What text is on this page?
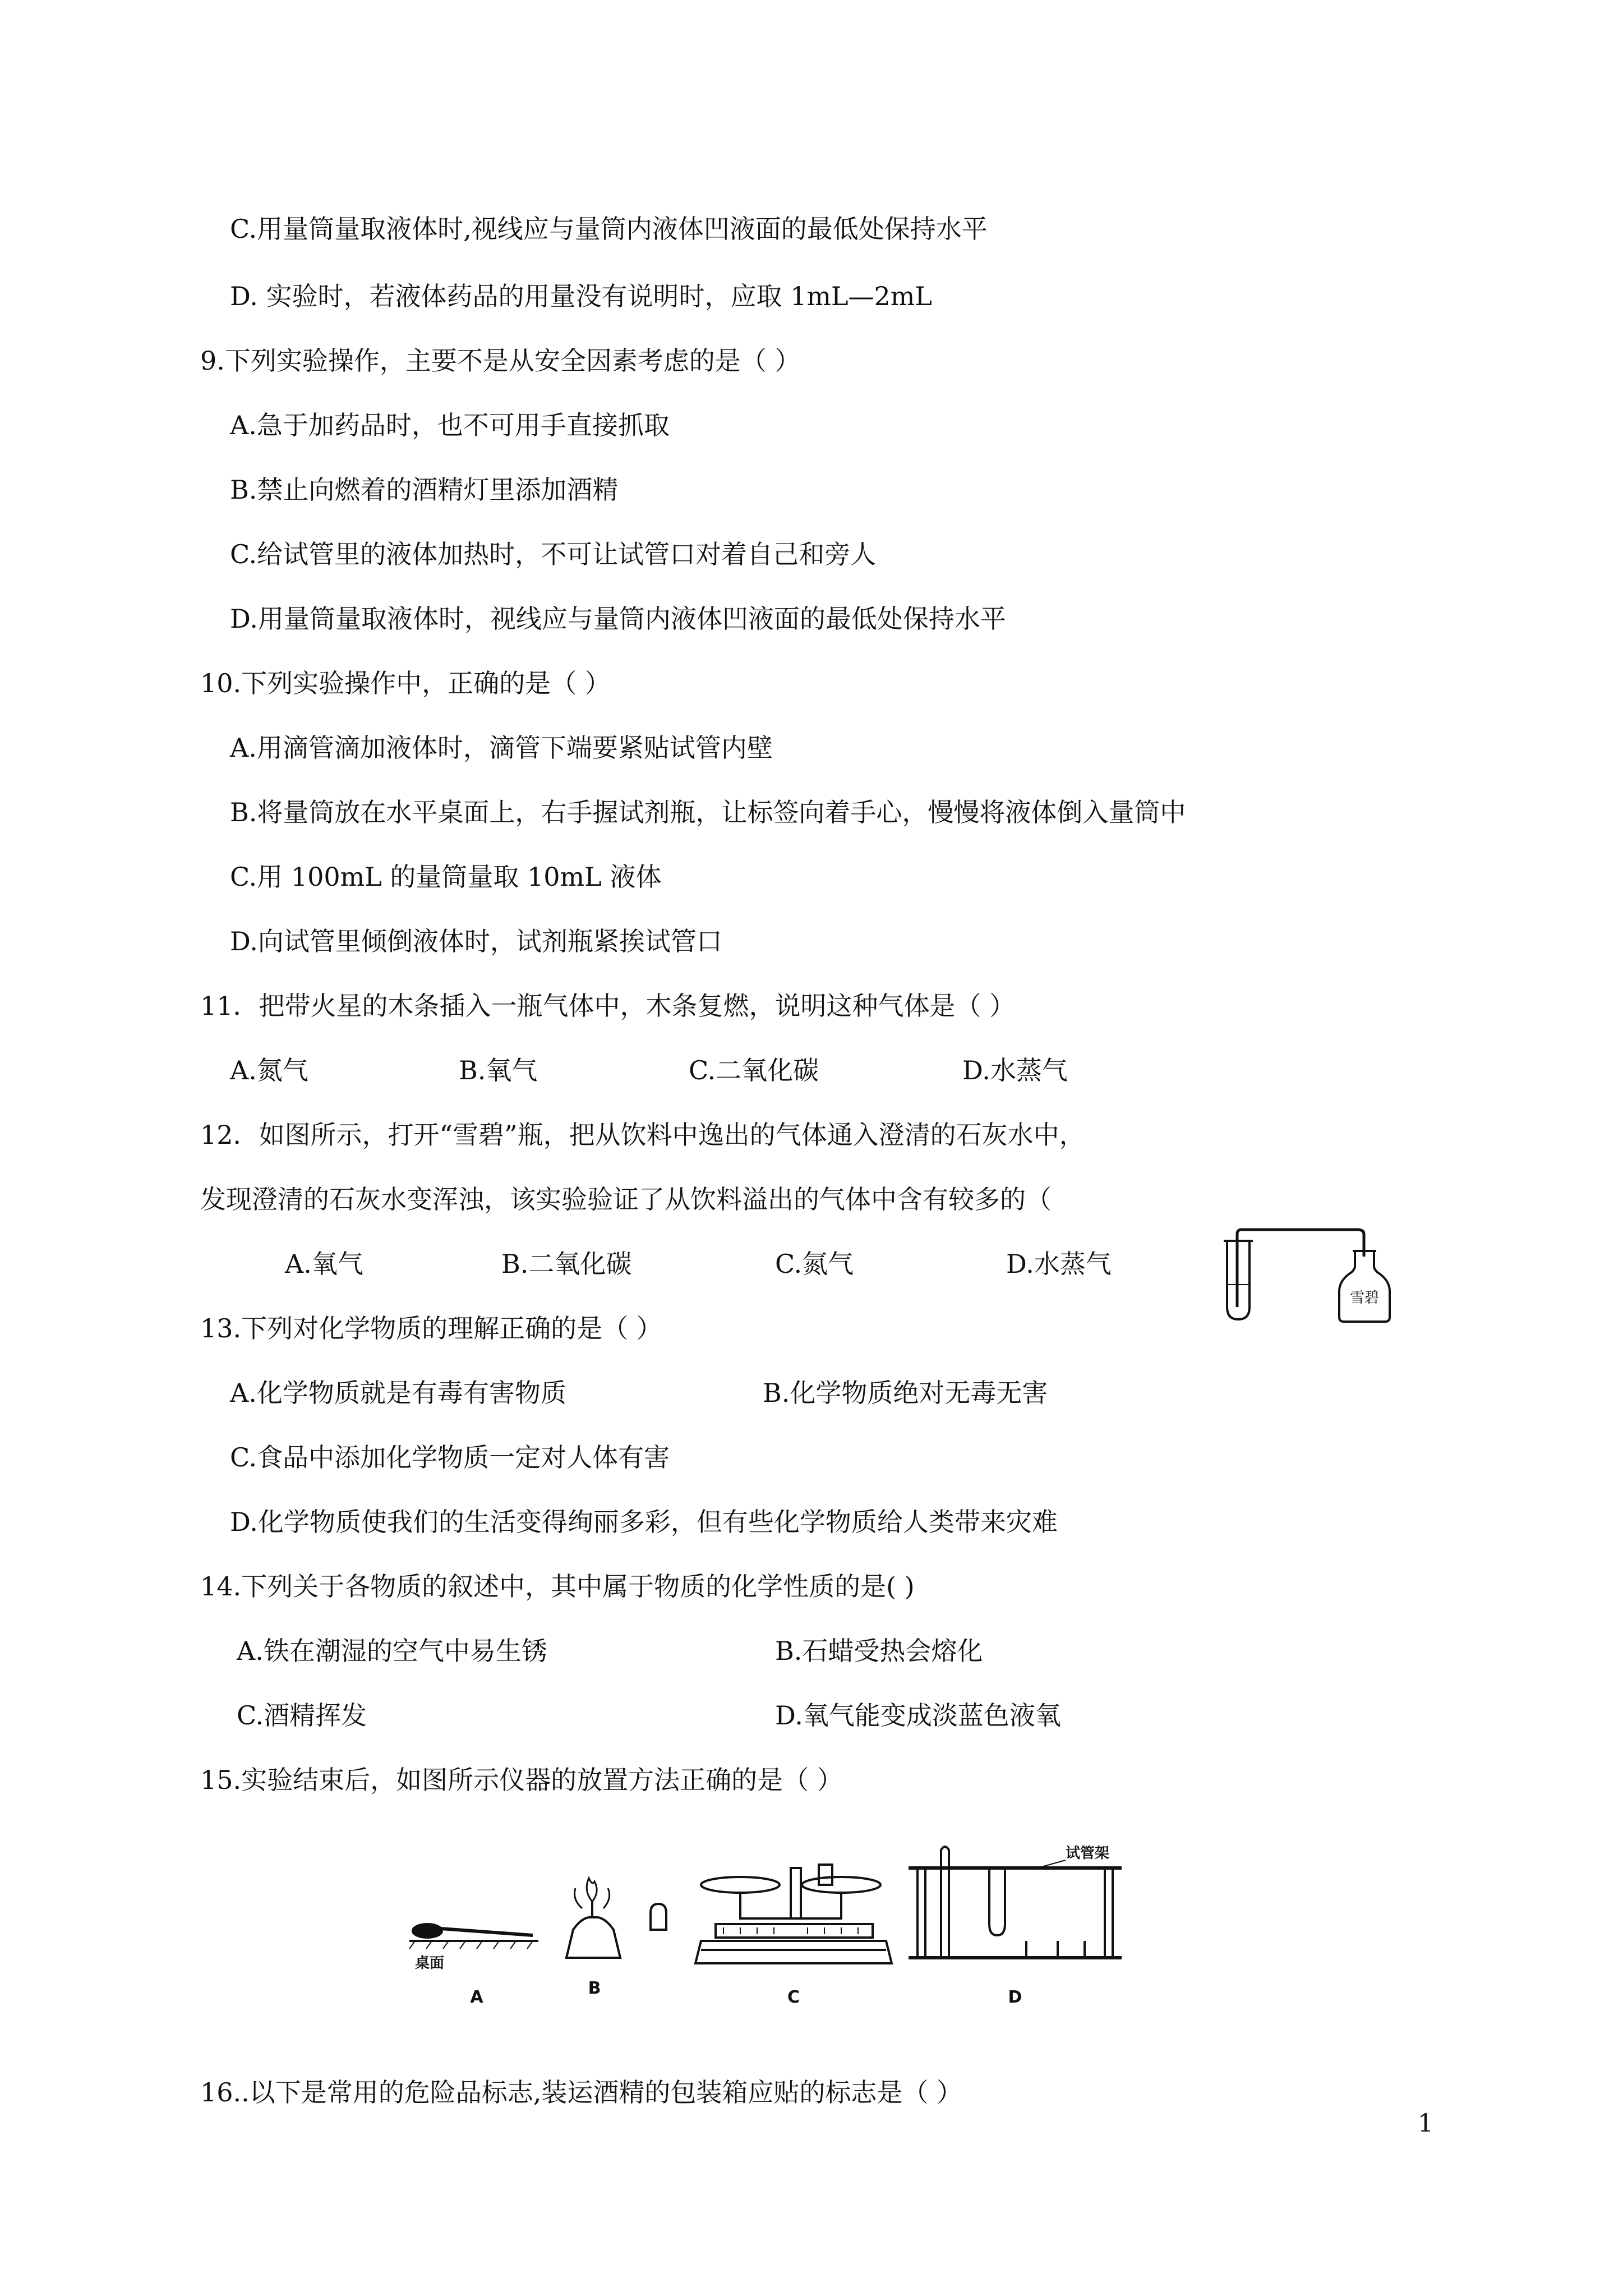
C.用量筒量取液体时,视线应与量筒内液体凹液面的最低处保持水平
D. 实验时，若液体药品的用量没有说明时，应取 1mL—2mL
9.下列实验操作，主要不是从安全因素考虑的是（ ）
A.急于加药品时，也不可用手直接抓取
B.禁止向燃着的酒精灯里添加酒精
C.给试管里的液体加热时，不可让试管口对着自己和旁人
D.用量筒量取液体时，视线应与量筒内液体凹液面的最低处保持水平
10.下列实验操作中，正确的是（ ）
A.用滴管滴加液体时，滴管下端要紧贴试管内壁
B.将量筒放在水平桌面上，右手握试剂瓶，让标签向着手心，慢慢将液体倒入量筒中
C.用 100mL 的量筒量取 10mL 液体
D.向试管里倾倒液体时，试剂瓶紧挨试管口
11．把带火星的木条插入一瓶气体中，木条复燃，说明这种气体是（ ）
A.氮气	B.氧气	C.二氧化碳	D.水蒸气
12．如图所示，打开“雪碧”瓶，把从饮料中逸出的气体通入澄清的石灰水中，
发现澄清的石灰水变浑浊，该实验验证了从饮料溢出的气体中含有较多的（
A.氧气	B.二氧化碳	C.氮气	D.水蒸气
雪碧
13.下列对化学物质的理解正确的是（ ）
A.化学物质就是有毒有害物质	B.化学物质绝对无毒无害
C.食品中添加化学物质一定对人体有害
D.化学物质使我们的生活变得绚丽多彩，但有些化学物质给人类带来灾难
14.下列关于各物质的叙述中，其中属于物质的化学性质的是( )
A.铁在潮湿的空气中易生锈	B.石蜡受热会熔化
C.酒精挥发	D.氧气能变成淡蓝色液氧
15.实验结束后，如图所示仪器的放置方法正确的是（ ）
桌面
试管架
A	B	C	D
16..以下是常用的危险品标志,装运酒精的包装箱应贴的标志是（ ）
1
